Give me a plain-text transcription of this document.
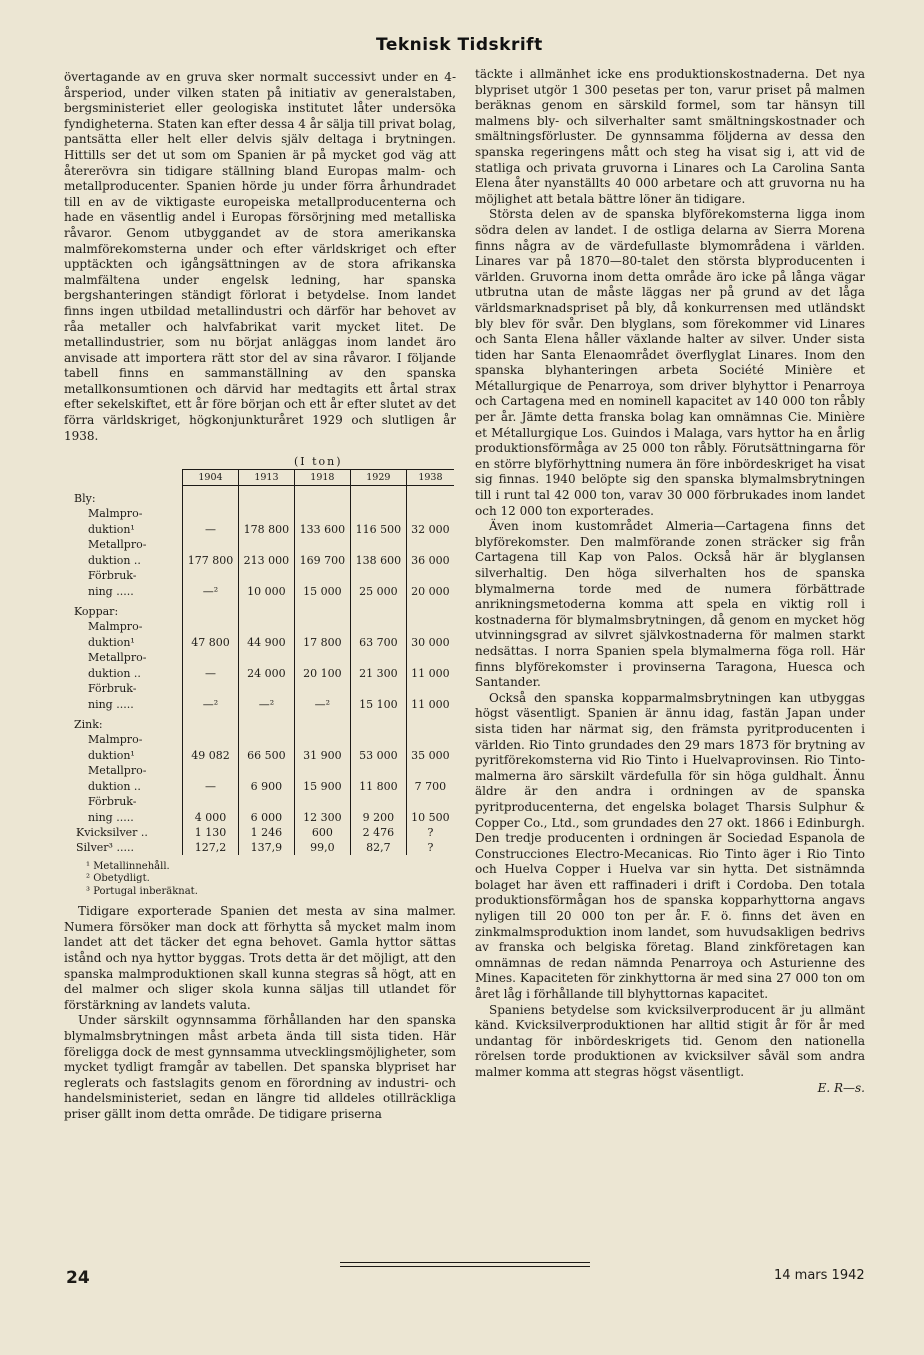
Teknisk Tidskrift

övertagande av en gruva sker normalt successivt under en 4-årsperiod, under vilken staten på initiativ av generalstaben, bergsministeriet eller geologiska institutet låter undersöka fyndigheterna. Staten kan efter dessa 4 år sälja till privat bolag, pantsätta eller helt eller delvis själv deltaga i brytningen. Hittills ser det ut som om Spanien är på mycket god väg att återerövra sin tidigare ställning bland Europas malm- och metallproducenter. Spanien hörde ju under förra århundradet till en av de viktigaste europeiska metallproducenterna och hade en väsentlig andel i Europas försörjning med metalliska råvaror. Genom utbyggandet av de stora amerikanska malmförekomsterna under och efter världskriget och efter upptäckten och igångsättningen av de stora afrikanska malmfältena under engelsk ledning, har spanska bergshanteringen ständigt förlorat i betydelse. Inom landet finns ingen utbildad metallindustri och därför har behovet av råa metaller och halvfabrikat varit mycket litet. De metallindustrier, som nu börjat anläggas inom landet äro anvisade att importera rätt stor del av sina råvaror. I följande tabell finns en sammanställning av den spanska metallkonsumtionen och därvid har medtagits ett årtal strax efter sekelskiftet, ett år före början och ett år efter slutet av det förra världskriget, högkonjunkturåret 1929 och slutligen år 1938.

	(I ton)				
	1904	1913	1918	1929	1938
Bly:					
Malmpro-					
duktion¹	—	178 800	133 600	116 500	32 000
Metallpro-					
duktion ..	177 800	213 000	169 700	138 600	36 000
Förbruk-					
ning .....	—²	10 000	15 000	25 000	20 000
Koppar:					
Malmpro-					
duktion¹	47 800	44 900	17 800	63 700	30 000
Metallpro-					
duktion ..	—	24 000	20 100	21 300	11 000
Förbruk-					
ning .....	—²	—²	—²	15 100	11 000
Zink:					
Malmpro-					
duktion¹	49 082	66 500	31 900	53 000	35 000
Metallpro-					
duktion ..	—	6 900	15 900	11 800	7 700
Förbruk-					
ning .....	4 000	6 000	12 300	9 200	10 500
Kvicksilver ..	1 130	1 246	600	2 476	?
Silver³ .....	127,2	137,9	99,0	82,7	?
¹ Metallinnehåll.
² Obetydligt.
³ Portugal inberäknat.

Tidigare exporterade Spanien det mesta av sina malmer. Numera försöker man dock att förhytta så mycket malm inom landet att det täcker det egna behovet. Gamla hyttor sättas istånd och nya hyttor byggas. Trots detta är det möjligt, att den spanska malmproduktionen skall kunna stegras så högt, att en del malmer och sliger skola kunna säljas till utlandet för förstärkning av landets valuta.

Under särskilt ogynnsamma förhållanden har den spanska blymalmsbrytningen måst arbeta ända till sista tiden. Här föreligga dock de mest gynnsamma utvecklingsmöjligheter, som mycket tydligt framgår av tabellen. Det spanska blypriset har reglerats och fastslagits genom en förordning av industri- och handelsministeriet, sedan en längre tid alldeles otillräckliga priser gällt inom detta område. De tidigare priserna

täckte i allmänhet icke ens produktionskostnaderna. Det nya blypriset utgör 1 300 pesetas per ton, varur priset på malmen beräknas genom en särskild formel, som tar hänsyn till malmens bly- och silverhalter samt smältningskostnader och smältningsförluster. De gynnsamma följderna av dessa den spanska regeringens mått och steg ha visat sig i, att vid de statliga och privata gruvorna i Linares och La Carolina Santa Elena åter nyanställts 40 000 arbetare och att gruvorna nu ha möjlighet att betala bättre löner än tidigare.

Största delen av de spanska blyförekomsterna ligga inom södra delen av landet. I de ostliga delarna av Sierra Morena finns några av de värdefullaste blymområdena i världen. Linares var på 1870—80-talet den största blyproducenten i världen. Gruvorna inom detta område äro icke på långa vägar utbrutna utan de måste läggas ner på grund av det låga världsmarknadspriset på bly, då konkurrensen med utländskt bly blev för svår. Den blyglans, som förekommer vid Linares och Santa Elena håller växlande halter av silver. Under sista tiden har Santa Elenaområdet överflyglat Linares. Inom den spanska blyhanteringen arbeta Société Minière et Métallurgique de Penarroya, som driver blyhyttor i Penarroya och Cartagena med en nominell kapacitet av 140 000 ton råbly per år. Jämte detta franska bolag kan omnämnas Cie. Minière et Métallurgique Los. Guindos i Malaga, vars hyttor ha en årlig produktionsförmåga av 25 000 ton råbly. Förutsättningarna för en större blyförhyttning numera än före inbördeskriget ha visat sig finnas. 1940 belöpte sig den spanska blymalmsbrytningen till i runt tal 42 000 ton, varav 30 000 förbrukades inom landet och 12 000 ton exporterades.

Även inom kustområdet Almeria—Cartagena finns det blyförekomster. Den malmförande zonen sträcker sig från Cartagena till Kap von Palos. Också här är blyglansen silverhaltig. Den höga silverhalten hos de spanska blymalmerna torde med de numera förbättrade anrikningsmetoderna komma att spela en viktig roll i kostnaderna för blymalmsbrytningen, då genom en mycket hög utvinningsgrad av silvret självkostnaderna för malmen starkt nedsättas. I norra Spanien spela blymalmerna föga roll. Här finns blyförekomster i provinserna Taragona, Huesca och Santander.

Också den spanska kopparmalmsbrytningen kan utbyggas högst väsentligt. Spanien är ännu idag, fastän Japan under sista tiden har närmat sig, den främsta pyritproducenten i världen. Rio Tinto grundades den 29 mars 1873 för brytning av pyritförekomsterna vid Rio Tinto i Huelvaprovinsen. Rio Tinto-malmerna äro särskilt värdefulla för sin höga guldhalt. Ännu äldre är den andra i ordningen av de spanska pyritproducenterna, det engelska bolaget Tharsis Sulphur & Copper Co., Ltd., som grundades den 27 okt. 1866 i Edinburgh. Den tredje producenten i ordningen är Sociedad Espanola de Construcciones Electro-Mecanicas. Rio Tinto äger i Rio Tinto och Huelva Copper i Huelva var sin hytta. Det sistnämnda bolaget har även ett raffinaderi i drift i Cordoba. Den totala produktionsförmågan hos de spanska kopparhyttorna angavs nyligen till 20 000 ton per år. F. ö. finns det även en zinkmalmsproduktion inom landet, som huvudsakligen bedrivs av franska och belgiska företag. Bland zinkföretagen kan omnämnas de redan nämnda Penarroya och Asturienne des Mines. Kapaciteten för zinkhyttorna är med sina 27 000 ton om året låg i förhållande till blyhyttornas kapacitet.

Spaniens betydelse som kvicksilverproducent är ju allmänt känd. Kvicksilverproduktionen har alltid stigit år för år med undantag för inbördeskrigets tid. Genom den nationella rörelsen torde produktionen av kvicksilver såväl som andra malmer komma att stegras högst väsentligt.

E. R—s.

24	14 mars 1942
